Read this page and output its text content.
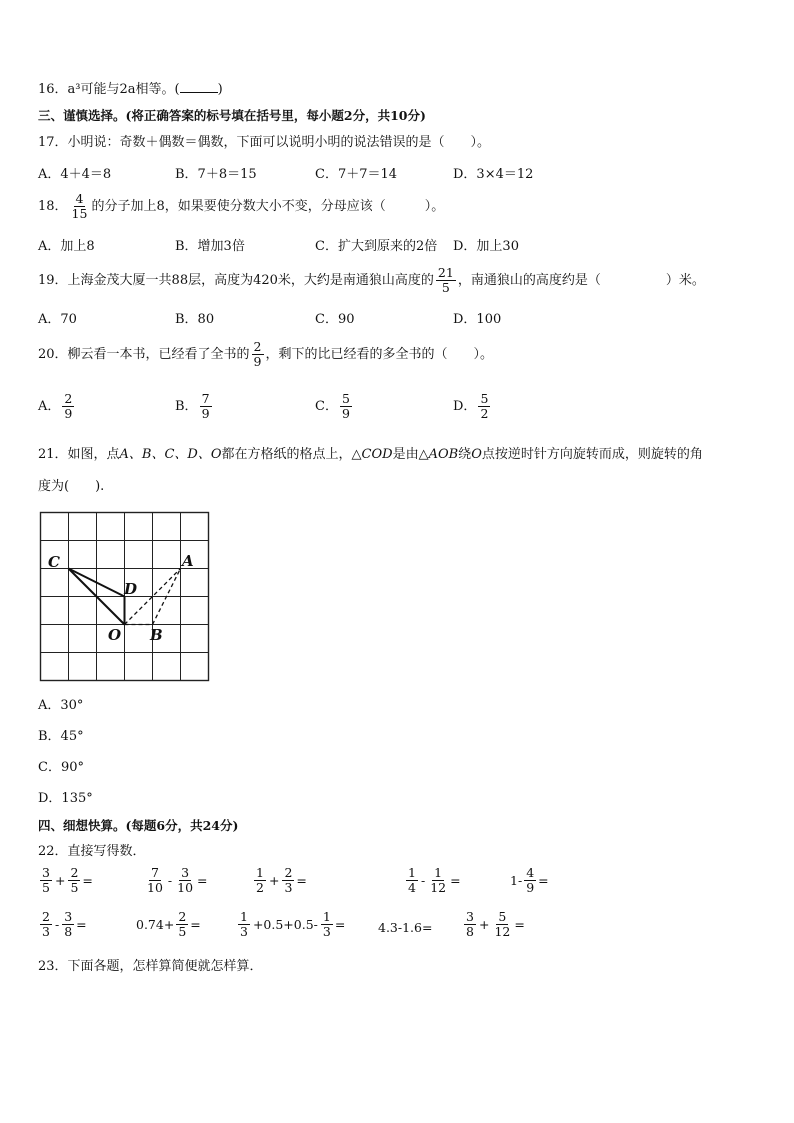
16．a³可能与2a相等。(	)
三、谨慎选择。(将正确答案的标号填在括号里，每小题2分，共10分)
17．小明说：奇数＋偶数＝偶数，下面可以说明小明的说法错误的是（　　）。
A．4＋4＝8	B．7＋8＝15	C．7＋7＝14	D．3×4＝12
18． $\frac{4}{15}$ 的分子加上8，如果要使分数大小不变，分母应该（　　　）。
A．加上8	B．增加3倍	C．扩大到原来的2倍 D．加上30
19．上海金茂大厦一共88层，高度为420米，大约是南通狼山高度的 $\frac{21}{5}$ ，南通狼山的高度约是（　　　　　）米。
A．70	B．80	C．90	D．100
20．柳云看一本书，已经看了全书的 $\frac{2}{9}$ ，剩下的比已经看的多全书的（　　）。
A． $\frac{2}{9}$	B． $\frac{7}{9}$	C． $\frac{5}{9}$	D． $\frac{5}{2}$
21．如图，点A、B、C、D、O都在方格纸的格点上，△COD是由△AOB绕O点按逆时针方向旋转而成，则旋转的角
度为(　　).
C
D
A
O B
A．30°
B．45°
C．90°
D．135°
四、细想快算。(每题6分，共24分)
22．直接写得数．
$\frac{3}{5} + \frac{2}{5}$ =	$\frac{7}{10} - \frac{3}{10}$ =	$\frac{1}{2} + \frac{2}{3}$ =	$\frac{1}{4} - \frac{1}{12}$ =	$1- \frac{4}{9}$ =
$\frac{2}{3} - \frac{3}{8}$ =	$0.74+ \frac{2}{5}$ =	$\frac{1}{3} +0.5+0.5- \frac{1}{3}$ =	4.3-1.6 =	$\frac{3}{8} + \frac{5}{12}$ =
23．下面各题，怎样算简便就怎样算．
